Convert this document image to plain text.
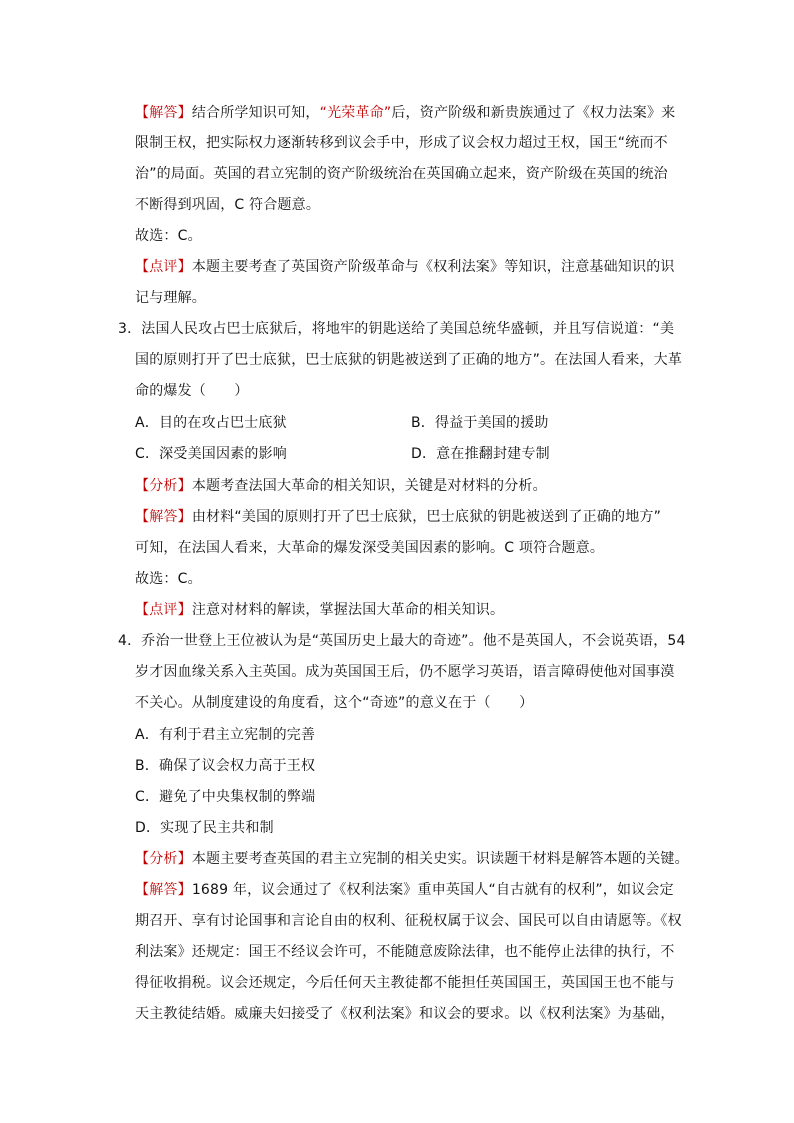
【解答】结合所学知识可知，“光荣革命”后，资产阶级和新贵族通过了《权力法案》来
限制王权，把实际权力逐渐转移到议会手中，形成了议会权力超过王权，国王“统而不
治”的局面。英国的君立宪制的资产阶级统治在英国确立起来，资产阶级在英国的统治
不断得到巩固，C 符合题意。
故选：C。
【点评】本题主要考查了英国资产阶级革命与《权利法案》等知识，注意基础知识的识
记与理解。
3．法国人民攻占巴士底狱后，将地牢的钥匙送给了美国总统华盛顿，并且写信说道：“美
国的原则打开了巴士底狱，巴士底狱的钥匙被送到了正确的地方”。在法国人看来，大革
命的爆发（　　）
A．目的在攻占巴士底狱	B．得益于美国的援助
C．深受美国因素的影响	D．意在推翻封建专制
【分析】本题考查法国大革命的相关知识，关键是对材料的分析。
【解答】由材料“美国的原则打开了巴士底狱，巴士底狱的钥匙被送到了正确的地方”
可知，在法国人看来，大革命的爆发深受美国因素的影响。C 项符合题意。
故选：C。
【点评】注意对材料的解读，掌握法国大革命的相关知识。
4．乔治一世登上王位被认为是“英国历史上最大的奇迹”。他不是英国人，不会说英语，54
岁才因血缘关系入主英国。成为英国国王后，仍不愿学习英语，语言障碍使他对国事漠
不关心。从制度建设的角度看，这个“奇迹”的意义在于（　　）
A．有利于君主立宪制的完善
B．确保了议会权力高于王权
C．避免了中央集权制的弊端
D．实现了民主共和制
【分析】本题主要考查英国的君主立宪制的相关史实。识读题干材料是解答本题的关键。
【解答】1689 年，议会通过了《权利法案》重申英国人“自古就有的权利”，如议会定
期召开、享有讨论国事和言论自由的权利、征税权属于议会、国民可以自由请愿等。《权
利法案》还规定：国王不经议会许可，不能随意废除法律，也不能停止法律的执行，不
得征收捐税。议会还规定，今后任何天主教徒都不能担任英国国王，英国国王也不能与
天主教徒结婚。威廉夫妇接受了《权利法案》和议会的要求。以《权利法案》为基础，
